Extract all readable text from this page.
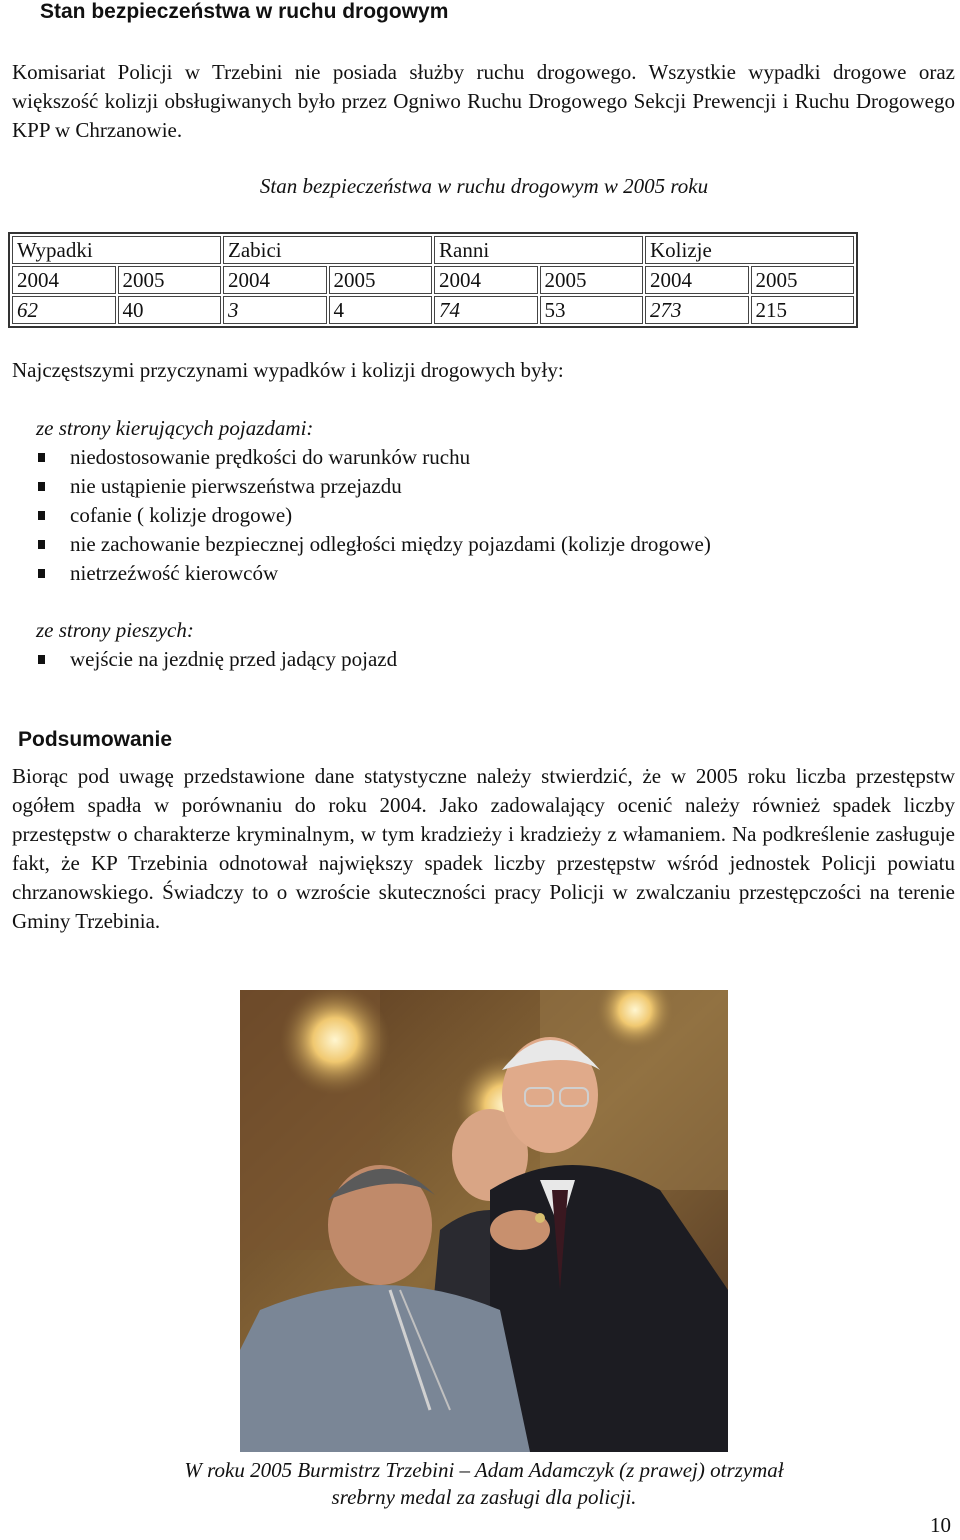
Stan bezpieczeństwa w ruchu drogowym
Komisariat Policji w Trzebini nie posiada służby ruchu drogowego. Wszystkie wypadki drogowe oraz większość kolizji obsługiwanych było przez Ogniwo Ruchu Drogowego Sekcji Prewencji i Ruchu Drogowego KPP w Chrzanowie.
Stan bezpieczeństwa w ruchu drogowym w 2005 roku
Wypadki		Zabici		Ranni		Kolizje	
2004	2005	2004	2005	2004	2005	2004	2005
62	40	3	4	74	53	273	215
Najczęstszymi przyczynami wypadków i kolizji drogowych były:
ze strony kierujących pojazdami:
niedostosowanie prędkości do warunków ruchu
nie ustąpienie pierwszeństwa przejazdu
cofanie ( kolizje drogowe)
nie zachowanie bezpiecznej odległości między pojazdami (kolizje drogowe)
nietrzeźwość kierowców
ze strony pieszych:
wejście na jezdnię przed jadący pojazd
Podsumowanie
Biorąc pod uwagę przedstawione dane statystyczne należy stwierdzić, że w 2005 roku liczba przestępstw ogółem spadła w porównaniu do roku 2004. Jako zadowalający ocenić należy również spadek liczby przestępstw o charakterze kryminalnym, w tym kradzieży i kradzieży z włamaniem. Na podkreślenie zasługuje fakt, że KP Trzebinia odnotował największy spadek liczby przestępstw wśród jednostek Policji powiatu chrzanowskiego. Świadczy to o wzroście skuteczności pracy Policji w zwalczaniu przestępczości na terenie Gminy Trzebinia.
W roku 2005 Burmistrz Trzebini – Adam Adamczyk (z prawej) otrzymał
srebrny medal za zasługi dla policji.
10
